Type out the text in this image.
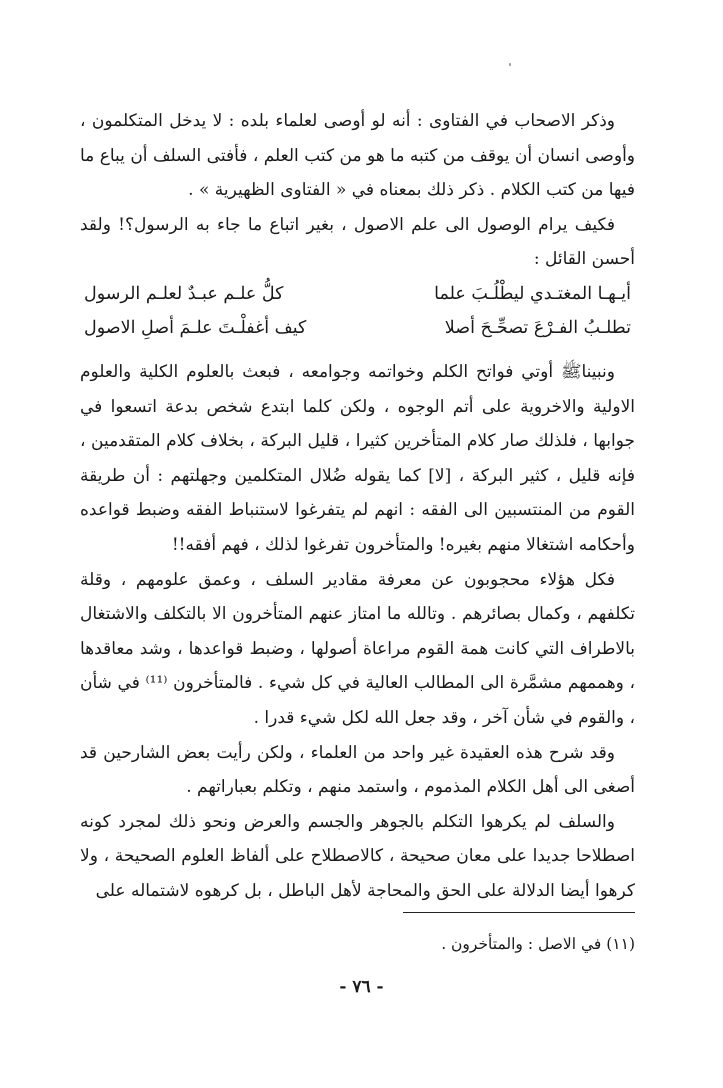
وذكر الاصحاب في الفتاوى : أنه لو أوصى لعلماء بلده : لا يدخل المتكلمون ، وأوصى انسان أن يوقف من كتبه ما هو من كتب العلم ، فأفتى السلف أن يباع ما فيها من كتب الكلام . ذكر ذلك بمعناه في « الفتاوى الظهيرية » .

فكيف يرام الوصول الى علم الاصول ، بغير اتباع ما جاء به الرسول؟! ولقد أحسن القائل :

أيـهـا المغتـدي ليطْلُـبَ علما
كلُّ علـم عبـدٌ لعلـم الرسول
تطلـبُ الفـرْعَ تصحِّـحَ أصلا
كيف أغفلْـتَ علـمَ أصلِ الاصول

ونبيناﷺ أوتي فواتح الكلم وخواتمه وجوامعه ، فبعث بالعلوم الكلية والعلوم الاولية والاخروية على أتم الوجوه ، ولكن كلما ابتدع شخص بدعة اتسعوا في جوابها ، فلذلك صار كلام المتأخرين كثيرا ، قليل البركة ، بخلاف كلام المتقدمين ، فإنه قليل ، كثير البركة ، [لا] كما يقوله ضُلال المتكلمين وجهلتهم : أن طريقة القوم من المنتسبين الى الفقه : انهم لم يتفرغوا لاستنباط الفقه وضبط قواعده وأحكامه اشتغالا منهم بغيره! والمتأخرون تفرغوا لذلك ، فهم أفقه!!

فكل هؤلاء محجوبون عن معرفة مقادير السلف ، وعمق علومهم ، وقلة تكلفهم ، وكمال بصائرهم . وتالله ما امتاز عنهم المتأخرون الا بالتكلف والاشتغال بالاطراف التي كانت همة القوم مراعاة أصولها ، وضبط قواعدها ، وشد معاقدها ، وهممهم مشمَّرة الى المطالب العالية في كل شيء . فالمتأخرون ⁽¹¹⁾ في شأن ، والقوم في شأن آخر ، وقد جعل الله لكل شيء قدرا .

وقد شرح هذه العقيدة غير واحد من العلماء ، ولكن رأيت بعض الشارحين قد أصغى الى أهل الكلام المذموم ، واستمد منهم ، وتكلم بعباراتهم .

والسلف لم يكرهوا التكلم بالجوهر والجسم والعرض ونحو ذلك لمجرد كونه اصطلاحا جديدا على معان صحيحة ، كالاصطلاح على ألفاظ العلوم الصحيحة ، ولا كرهوا أيضا الدلالة على الحق والمحاجة لأهل الباطل ، بل كرهوه لاشتماله على

(١١) في الاصل : والمتأخرون .
- ٧٦ -
